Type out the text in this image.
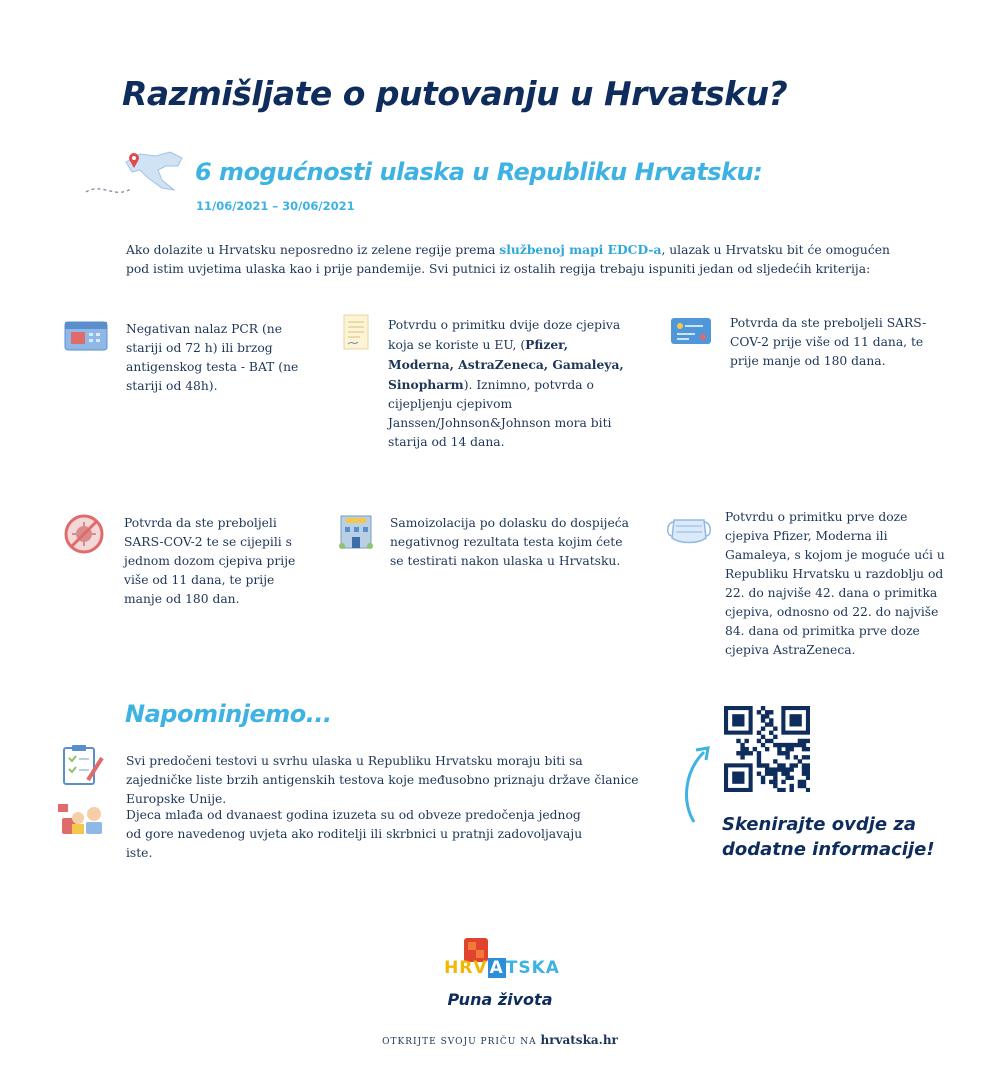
Razmišljate o putovanju u Hrvatsku?
6 mogućnosti ulaska u Republiku Hrvatsku:
11/06/2021 – 30/06/2021
Ako dolazite u Hrvatsku neposredno iz zelene regije prema službenoj mapi EDCD-a, ulazak u Hrvatsku bit će omogućen pod istim uvjetima ulaska kao i prije pandemije. Svi putnici iz ostalih regija trebaju ispuniti jedan od sljedećih kriterija:
Negativan nalaz PCR (ne stariji od 72 h) ili brzog antigenskog testa - BAT (ne stariji od 48h).
Potvrdu o primitku dvije doze cjepiva koja se koriste u EU, (Pfizer, Moderna, AstraZeneca, Gamaleya, Sinopharm). Iznimno, potvrda o cijepljenju cjepivom Janssen/Johnson&Johnson mora biti starija od 14 dana.
Potvrda da ste preboljeli SARS-COV-2 prije više od 11 dana, te prije manje od 180 dana.
Potvrda da ste preboljeli SARS-COV-2 te se cijepili s jednom dozom cjepiva prije više od 11 dana, te prije manje od 180 dan.
Samoizolacija po dolasku do dospijeća negativnog rezultata testa kojim ćete se testirati nakon ulaska u Hrvatsku.
Potvrdu o primitku prve doze cjepiva Pfizer, Moderna ili Gamaleya, s kojom je moguće ući u Republiku Hrvatsku u razdoblju od 22. do najviše 42. dana o primitka cjepiva, odnosno od 22. do najviše 84. dana od primitka prve doze cjepiva AstraZeneca.
Napominjemo...
Svi predočeni testovi u svrhu ulaska u Republiku Hrvatsku moraju biti sa zajedničke liste brzih antigenskih testova koje međusobno priznaju države članice Europske Unije.
Djeca mlađa od dvanaest godina izuzeta su od obveze predočenja jednog od gore navedenog uvjeta ako roditelji ili skrbnici u pratnji zadovoljavaju iste.
Skenirajte ovdje za dodatne informacije!
HRV A TSKA
Puna života
OTKRIJTE SVOJU PRIČU NA hrvatska.hr
